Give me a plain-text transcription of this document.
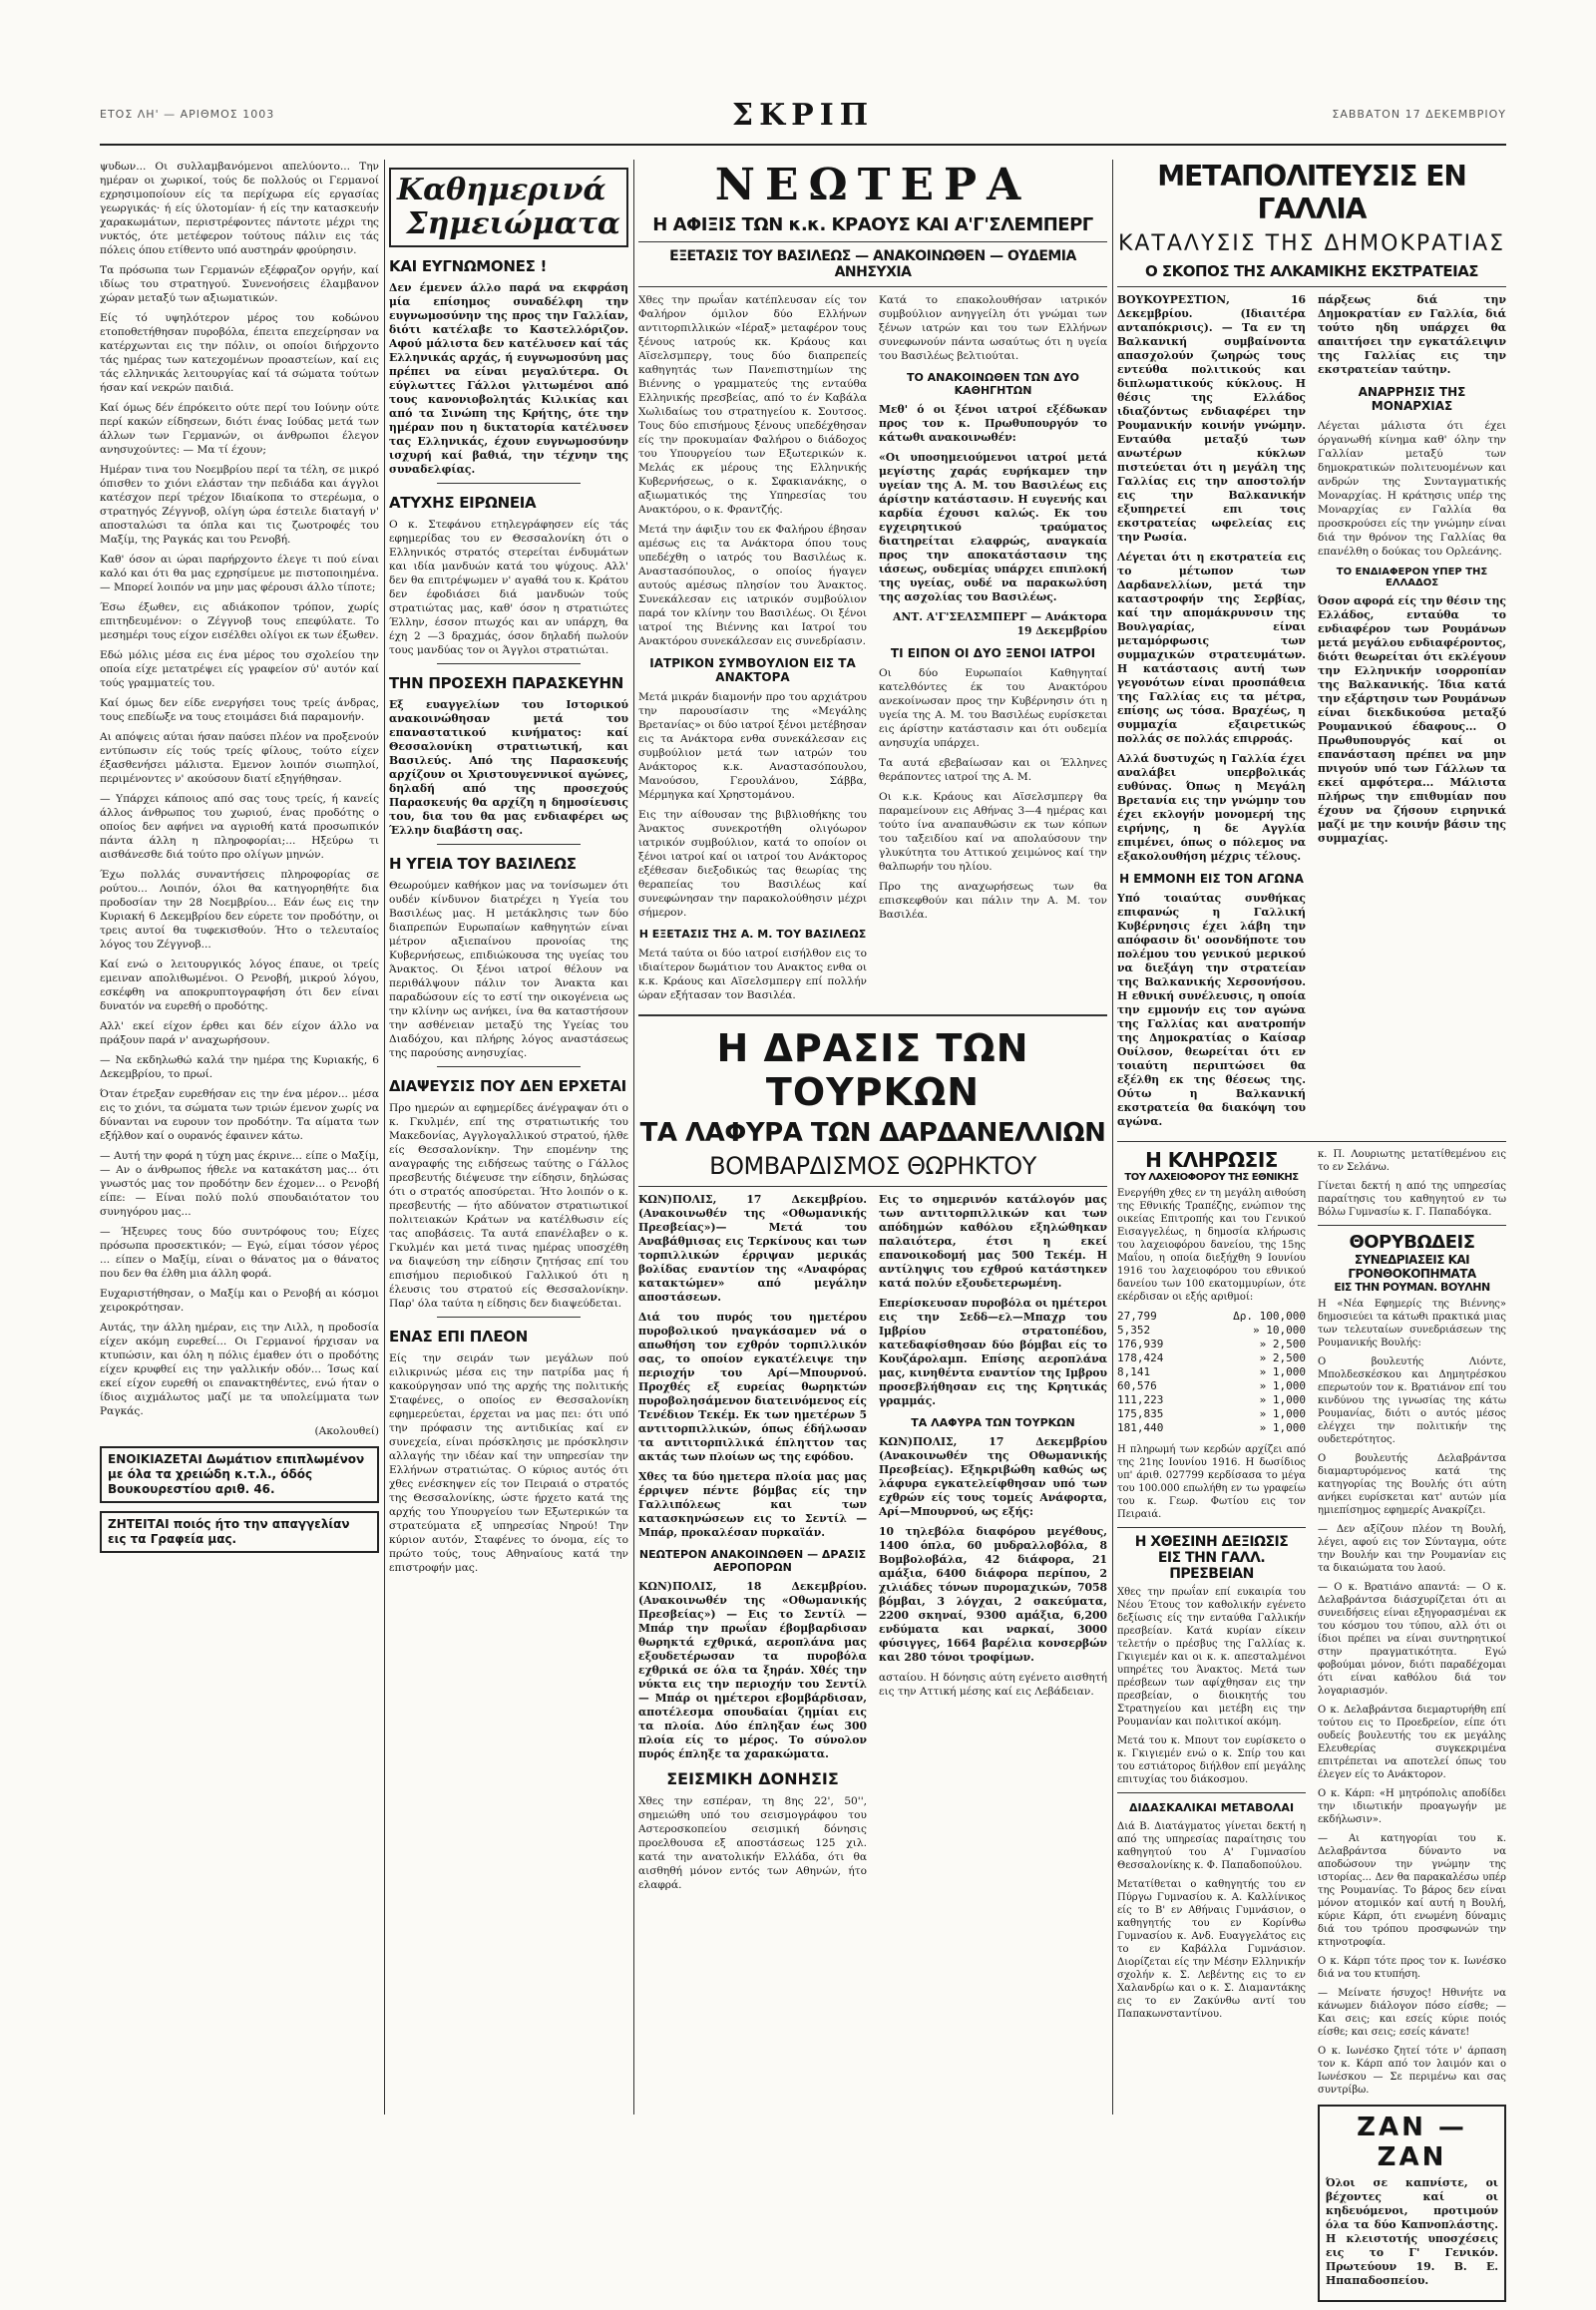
ΕΤΟΣ ΛΗ' — ΑΡΙΘΜΟΣ 1003	ΣΚΡΙΠ	ΣΑΒΒΑΤΟΝ 17 ΔΕΚΕΜΒΡΙΟΥ

ψυδων... Οι συλλαμβανόμενοι απελύοντο... Την ημέραν οι χωρικοί, τούς δε πολλούς οι Γερμανοί εχρησιμοποίουν είς τα περίχωρα είς εργασίας γεωργικάς· ή είς ύλοτομίαν· ή είς την κατασκευήν χαρακωμάτων, περιστρέφοντες πάντοτε μέχρι της νυκτός, ότε μετέφερον τούτους πάλιν εις τάς πόλεις όπου ετίθεντο υπό αυστηράν φρούρησιν.

Τα πρόσωπα των Γερμανών εξέφραζον οργήν, καί ιδίως του στρατηγού. Συνενοήσεις έλαμβανον χώραν μεταξύ των αξιωματικών.

Είς τό υψηλότερον μέρος του κοδώνου ετοποθετήθησαν πυροβόλα, έπειτα επεχείρησαν να κατέρχωνται εις την πόλιν, οι οποίοι διήρχοντο τάς ημέρας των κατεχομένων προαστείων, καί εις τάς ελληνικάς λειτουργίας καί τά σώματα τούτων ήσαν καί νεκρών παιδιά.

Καί όμως δέν έπρόκειτο ούτε περί του Ιούνην ούτε περί κακών είδησεων, διότι ένας Ιούδας μετά των άλλων των Γερμανών, οι άνθρωποι έλεγον ανησυχούντες: — Μα τί έχουν;

Ημέραν τινα του Νοεμβρίου περί τα τέλη, σε μικρό όπισθεν το χιόνι ελάσταν την πεδιάδα και άγγλοι κατέσχον περί τρέχον Ιδιαίκοπα το στερέωμα, ο στρατηγός Ζέγγνοβ, ολίγη ώρα έστειλε διαταγή ν' αποσταλώσι τα όπλα και τις ζωοτροφές του Μαξίμ, της Ραγκάς και του Ρενοβή.

Καθ' όσον αι ώραι παρήρχοντο έλεγε τι πού είναι καλό και ότι θα μας εχρησίμευε με πιστοποιημένα. — Μπορεί λοιπόν να μην μας φέρουσι άλλο τίποτε;

Έσω έξωθεν, εις αδιάκοπον τρόπον, χωρίς επιτηδευμένον: ο Ζέγγνοβ τους επεφύλατε. Το μεσημέρι τους είχον εισέλθει ολίγοι εκ των έξωθεν.

Εδώ μόλις μέσα εις ένα μέρος του σχολείου την οποία είχε μετατρέψει είς γραφείον σύ' αυτόν καί τούς γραμματείς του.

Καί όμως δεν είδε ενεργήσει τους τρείς άνδρας, τους επεδίωξε να τους ετοιμάσει διά παραμονήν.

Αι απόψεις αύται ήσαν παύσει πλέον να προξενούν εντύπωσιν είς τούς τρείς φίλους, τούτο είχεν έξασθενήσει μάλιστα. Εμενον λοιπόν σιωπηλοί, περιμένοντες ν' ακούσουν διατί εξηγήθησαν.

— Υπάρχει κάποιος από σας τους τρείς, ή κανείς άλλος άνθρωπος του χωριού, ένας προδότης ο οποίος δεν αφήνει να αγριοθή κατά προσωπικόν πάντα άλλη η πληροφορίαι;... Ηξεύρω τι αισθάνεσθε διά τούτο προ ολίγων μηνών.

Έχω πολλάς συναντήσεις πληροφορίας σε ρούτου... Λοιπόν, όλοι θα κατηγορηθήτε δια προδοσίαν την 28 Νοεμβρίου... Εάν έως εις την Κυριακή 6 Δεκεμβρίου δεν εύρετε τον προδότην, οι τρεις αυτοί θα τυφεκισθούν. Ήτο ο τελευταίος λόγος του Ζέγγνοβ...

Καί ενώ ο λειτουργικός λόγος έπαυε, οι τρείς εμειναν απολιθωμένοι. Ο Ρενοβή, μικρού λόγου, εσκέφθη να αποκρυπτογραφήση ότι δεν είναι δυνατόν να ευρεθή ο προδότης.

Αλλ' εκεί είχον έρθει και δέν είχον άλλο να πράξουν παρά ν' αναχωρήσουν.

— Να εκδηλωθώ καλά την ημέρα της Κυριακής, 6 Δεκεμβρίου, το πρωί.

Όταν έτρεξαν ευρεθήσαν εις την ένα μέρον... μέσα εις το χιόνι, τα σώματα των τριών έμενον χωρίς να δύνανται να ευρουν τον προδότην. Τα αίματα των εξήλθον καί ο ουρανός έφαινεν κάτω.

— Αυτή την φορά η τύχη μας έκρινε... είπε ο Μαξίμ, — Αν ο άνθρωπος ήθελε να κατακάτση μας... ότι γνωστός μας τον προδότην δεν έχομεν... ο Ρενοβή είπε: — Είναι πολύ πολύ σπουδαιότατον του συνηγόρου μας...

— Ήξευρες τους δύο συντρόφους του; Είχες πρόσωπα προσεκτικόν; — Εγώ, είμαι τόσον γέρος ... είπεν ο Μαξίμ, είναι ο θάνατος μα ο θάνατος που δεν θα έλθη μια άλλη φορά.

Ευχαριστήθησαν, ο Μαξίμ και ο Ρενοβή αι κόσμοι χειροκρότησαν.

Αυτάς, την άλλη ημέραν, εις την Λιλλ, η προδοσία είχεν ακόμη ευρεθεί... Οι Γερμανοί ήρχισαν να κτυπώσιν, και όλη η πόλις έμαθεν ότι ο προδότης είχεν κρυφθεί εις την γαλλικήν οδόν... Ίσως καί εκεί είχον ευρεθή οι επανακτηθέντες, ενώ ήταν ο ίδιος αιχμάλωτος μαζί με τα υπολείμματα των Ραγκάς.

(Ακολουθεί)

ΕΝΟΙΚΙΑΖΕΤΑΙ Δωμάτιον επιπλωμένον με όλα τα χρειώδη κ.τ.λ., όδός Βουκουρεστίου αριθ. 46.
ΖΗΤΕΙΤΑΙ ποιός ήτο την απαγγελίαν εις τα Γραφεία μας.

Καθημερινά

Σημειώματα

ΚΑΙ ΕΥΓΝΩΜΟΝΕΣ !

Δεν έμενεν άλλο παρά να εκφράση μία επίσημος συναδέλφη την ευγνωμοσύνην της προς την Γαλλίαν, διότι κατέλαβε το Καστελλόριζον. Αφού μάλιστα δεν κατέλυσεν καί τάς Ελληνικάς αρχάς, ή ευγνωμοσύνη μας πρέπει να είναι μεγαλύτερα. Οι εύγλωττες Γάλλοι γλιτωμένοι από τους κανονιοβολητάς Κιλικίας και από τα Σινώπη της Κρήτης, ότε την ημέραν που η δικτατορία κατέλυσεν τας Ελληνικάς, έχουν ευγνωμοσύνην ισχυρή καί βαθιά, την τέχνην της συναδελφίας.

ΑΤΥΧΗΣ ΕΙΡΩΝΕΙΑ

Ο κ. Στεφάνου ετηλεγράφησεν είς τάς εφημερίδας του εν Θεσσαλονίκη ότι ο Ελληνικός στρατός στερείται ένδυμάτων και ιδία μανδυών κατά του ψύχους. Αλλ' δεν θα επιτρέψωμεν ν' αγαθά του κ. Κράτου δεν έφοδιάσει διά μανδυών τούς στρατιώτας μας, καθ' όσον η στρατιώτες Έλλην, έσσον πτωχός και αν υπάρχη, θα έχη 2 —3 δραχμάς, όσον δηλαδή πωλούν τους μανδύας τον οι Άγγλοι στρατιώται.

ΤΗΝ ΠΡΟΣΕΧΗ ΠΑΡΑΣΚΕΥΗΝ

Εξ ευαγγελίων του Ιστορικού ανακοινώθησαν μετά του επαναστατικού κινήματος: καί Θεσσαλονίκη στρατιωτική, και Βασιλεύς. Από της Παρασκευής αρχίζουν οι Χριστουγεννικοί αγώνες, δηλαδή από της προσεχούς Παρασκευής θα αρχίζη η δημοσίευσις του, δια του θα μας ενδιαφέρει ως Έλλην διαβάστη σας.

Η ΥΓΕΙΑ ΤΟΥ ΒΑΣΙΛΕΩΣ

Θεωρούμεν καθήκον μας να τονίσωμεν ότι ουδέν κίνδυνον διατρέχει η Υγεία του Βασιλέως μας. Η μετάκλησις των δύο διαπρεπών Ευρωπαίων καθηγητών είναι μέτρον αξιεπαίνου προνοίας της Κυβερνήσεως, επιδιώκουσα της υγείας του Άνακτος. Οι ξένοι ιατροί θέλουν να περιθάλψουν πάλιν τον Άνακτα και παραδώσουν είς το εστί την οικογένεια ως την κλίνην ως ανήκει, ίνα θα καταστήσουν την ασθένειαν μεταξύ της Υγείας του Διαδόχου, και πλήρης λόγος αναστάσεως της παρούσης ανησυχίας.

ΔΙΑΨΕΥΣΙΣ ΠΟΥ ΔΕΝ ΕΡΧΕΤΑΙ

Προ ημερών αι εφημερίδες άνέγραψαν ότι ο κ. Γκυλμέν, επί της στρατιωτικής του Μακεδονίας, Αγγλογαλλικού στρατού, ήλθε είς Θεσσαλονίκην. Την επομένην της αναγραφής της ειδήσεως ταύτης ο Γάλλος πρεσβευτής διέψευσε την είδησιν, δηλώσας ότι ο στρατός αποσύρεται. Ήτο λοιπόν ο κ. πρεσβευτής — ήτο αδύνατον στρατιωτικοί πολιτειακών Κράτων να κατέλθωσιν είς τας αποβάσεις. Τα αυτά επανέλαβεν ο κ. Γκυλμέν και μετά τινας ημέρας υποσχέθη να διαψεύση την είδησιν ζητήσας επί του επισήμου περιοδικού Γαλλικού ότι η έλευσις του στρατού είς Θεσσαλονίκην. Παρ' όλα ταύτα η είδησις δεν διαψεύδεται.

ΕΝΑΣ ΕΠΙ ΠΛΕΟΝ

Είς την σειράν των μεγάλων πού ειλικρινώς μέσα εις την πατρίδα μας ή κακούργησαν υπό της αρχής της πολιτικής Σταφένες, ο οποίος εν Θεσσαλονίκη εφημερεύεται, έρχεται να μας πει: ότι υπό την πρόφασιν της αντιδικίας καί εν συνεχεία, είναι πρόσκλησις με πρόσκλησιν αλλαγής την ιδέαν καί την υπηρεσίαν την Ελλήνων στρατιώτας. Ο κύριος αυτός ότι χθες ενέσκηψεν είς τον Πειραιά ο στρατός της Θεσσαλονίκης, ώστε ήρχετο κατά της αρχής του Υπουργείου των Εξωτερικών τα στρατεύματα εξ υπηρεσίας Νηρού! Την κύριον αυτόν, Σταφένες το όνομα, είς το πρώτο τούς, τους Αθηναίους κατά την επιστροφήν μας.

ΝΕΩΤΕΡΑ

Η ΑΦΙΞΙΣ ΤΩΝ κ.κ. ΚΡΑΟΥΣ ΚΑΙ Α'Γ'ΣΛΕΜΠΕΡΓ
ΕΞΕΤΑΣΙΣ ΤΟΥ ΒΑΣΙΛΕΩΣ — ΑΝΑΚΟΙΝΩΘΕΝ — ΟΥΔΕΜΙΑ ΑΝΗΣΥΧΙΑ

Χθες την πρωΐαν κατέπλευσαν είς τον Φαλήρον όμιλον δύο Ελλήνων αντιτορπιλλικών «Ιέραξ» μεταφέρον τους ξένους ιατρούς κκ. Κράους και Αϊσελσμπεργ, τους δύο διαπρεπείς καθηγητάς των Πανεπιστημίων της Βιέννης ο γραμματεύς της ενταύθα Ελληνικής πρεσβείας, από το έν Καβάλα Χωλιδαίως του στρατηγείου κ. Σουτσος. Τους δύο επισήμους ξένους υπεδέχθησαν είς την προκυμαίαν Φαλήρου ο διάδοχος του Υπουργείου των Εξωτερικών κ. Μελάς εκ μέρους της Ελληνικής Κυβερνήσεως, ο κ. Σφακιανάκης, ο αξιωματικός της Υπηρεσίας του Ανακτόρου, ο κ. Φραντζής.

Μετά την άφιξιν του εκ Φαλήρου έβησαν αμέσως εις τα Ανάκτορα όπου τους υπεδέχθη ο ιατρός του Βασιλέως κ. Αναστασόπουλος, ο οποίος ήγαγεν αυτούς αμέσως πλησίον του Άνακτος. Συνεκάλεσαν εις ιατρικόν συμβούλιον παρά τον κλίνην του Βασιλέως. Οι ξένοι ιατροί της Βιέννης και Ιατροί του Ανακτόρου συνεκάλεσαν εις συνεδρίασιν.

ΙΑΤΡΙΚΟΝ ΣΥΜΒΟΥΛΙΟΝ ΕΙΣ ΤΑ ΑΝΑΚΤΟΡΑ

Μετά μικράν διαμονήν προ του αρχιάτρου την παρουσίασιν της «Μεγάλης Βρετανίας» οι δύο ιατροί ξένοι μετέβησαν εις τα Ανάκτορα ενθα συνεκάλεσαν εις συμβούλιον μετά των ιατρών του Ανάκτορος κ.κ. Αναστασόπουλου, Μανούσου, Γερουλάνου, Σάββα, Μέρμηγκα καί Χρηστομάνου.

Εις την αίθουσαν της βιβλιοθήκης του Άνακτος συνεκροτήθη ολιγόωρον ιατρικόν συμβούλιον, κατά το οποίον οι ξένοι ιατροί καί οι ιατροί του Ανάκτορος εξέθεσαν διεξοδικώς τας θεωρίας της θεραπείας του Βασιλέως καί συνεφώνησαν την παρακολούθησιν μέχρι σήμερον.

Η ΕΞΕΤΑΣΙΣ ΤΗΣ Α. Μ. ΤΟΥ ΒΑΣΙΛΕΩΣ

Μετά ταύτα οι δύο ιατροί εισήλθον εις το ιδιαίτερον δωμάτιον του Ανακτος ενθα οι κ.κ. Κράους και Αϊσελσμπεργ επί πολλήν ώραν εξήτασαν τον Βασιλέα.

Κατά το επακολουθήσαν ιατρικόν συμβούλιον ανηγγείλη ότι γνώμαι των ξένων ιατρών και του των Ελλήνων συνεφωνούν πάντα ωσαύτως ότι η υγεία του Βασιλέως βελτιούται.

ΤΟ ΑΝΑΚΟΙΝΩΘΕΝ ΤΩΝ ΔΥΟ ΚΑΘΗΓΗΤΩΝ

Μεθ' ό οι ξένοι ιατροί εξέδωκαν προς τον κ. Πρωθυπουργόν το κάτωθι ανακοινωθέν:

«Οι υποσημειούμενοι ιατροί μετά μεγίστης χαράς ευρήκαμεν την υγείαν της Α. Μ. του Βασιλέως εις άρίστην κατάστασιν. Η ευγενής και καρδία έχουσι καλώς. Εκ του εγχειρητικού τραύματος διατηρείται ελαφρώς, αναγκαία προς την αποκατάστασιν της ιάσεως, ουδεμίας υπάρχει επιπλοκή της υγείας, ουδέ να παρακωλύση της ασχολίας του Βασιλέως.

ΑΝΤ. Α'Γ'ΣΕΛΣΜΠΕΡΓ — Ανάκτορα 19 Δεκεμβρίου

ΤΙ ΕΙΠΟΝ ΟΙ ΔΥΟ ΞΕΝΟΙ ΙΑΤΡΟΙ

Οι δύο Ευρωπαίοι Καθηγηταί κατελθόντες έκ του Ανακτόρου ανεκοίνωσαν προς την Κυβέρνησιν ότι η υγεία της Α. Μ. του Βασιλέως ευρίσκεται εις άρίστην κατάστασιν και ότι ουδεμία ανησυχία υπάρχει.

Τα αυτά εβεβαίωσαν και οι Έλληνες θεράποντες ιατροί της Α. Μ.

Οι κ.κ. Κράους και Αϊσελσμπεργ θα παραμείνουν εις Αθήνας 3—4 ημέρας και τούτο ίνα αναπαυθώσιν εκ των κόπων του ταξειδίου καί να απολαύσουν την γλυκύτητα του Αττικού χειμώνος καί την θαλπωρήν του ηλίου.

Προ της αναχωρήσεως των θα επισκεφθούν και πάλιν την Α. Μ. τον Βασιλέα.

Η ΔΡΑΣΙΣ ΤΩΝ ΤΟΥΡΚΩΝ

ΤΑ ΛΑΦΥΡΑ ΤΩΝ ΔΑΡΔΑΝΕΛΛΙΩΝ

ΒΟΜΒΑΡΔΙΣΜΟΣ ΘΩΡΗΚΤΟΥ

ΚΩΝ)ΠΟΛΙΣ, 17 Δεκεμβρίου. (Ανακοινωθέν της «Οθωμανικής Πρεσβείας»)— Μετά του Αναβάθμισας εις Τερκίνους και των τορπιλλικών έρριψαν μερικάς βολίδας εναντίον της «Αναφόρας κατακτώμεν» από μεγάλην αποστάσεων.

Διά του πυρός του ημετέρου πυροβολικού ηναγκάσαμεν νά ο απωθήση τον εχθρόν τορπιλλικόν σας, το οποίον εγκατέλειψε την περιοχήν του Αρί—Μπουρνού. Προχθές εξ ευρείας θωρηκτών πυροβολησάμενον διατεινόμενος είς Τενέδιον Τεκέμ. Εκ των ημετέρων 5 αντιτορπιλλικών, όπως έδήλωσαν τα αντιτορπιλλικά έπληττον τας ακτάς των πλοίων ως της εφόδου.

Χθες τα δύο ημετερα πλοία μας μας έρριψεν πέντε βόμβας είς την Γαλλιπόλεως και των κατασκηνώσεων εις το Σεντίλ — Μπάρ, προκαλέσαν πυρκαϊάν.

ΝΕΩΤΕΡΟΝ ΑΝΑΚΟΙΝΩΘΕΝ — ΔΡΑΣΙΣ ΑΕΡΟΠΟΡΩΝ

ΚΩΝ)ΠΟΛΙΣ, 18 Δεκεμβρίου. (Ανακοινωθέν της «Οθωμανικής Πρεσβείας») — Εις το Σεντίλ — Μπάρ την πρωΐαν έβομβαρδισαν θωρηκτά εχθρικά, αεροπλάνα μας εξουδετέρωσαν τα πυροβόλα εχθρικά σε όλα τα ξηράν. Χθές την νύκτα εις την περιοχήν του Σεντίλ — Μπάρ οι ημέτεροι εβομβάρδισαν, αποτέλεσμα σπουδαίαι ζημίαι εις τα πλοία. Δύο έπληξαν έως 300 πλοία είς το μέρος. Το σύνολον πυρός έπληξε τα χαρακώματα.

ΣΕΙΣΜΙΚΗ ΔΟΝΗΣΙΣ

Χθες την εσπέραν, τη 8ης 22', 50'', σημειώθη υπό του σεισμογράφου του Αστεροσκοπείου σεισμική δόνησις προελθουσα εξ αποστάσεως 125 χιλ. κατά την ανατολικήν Ελλάδα, ότι θα αισθηθή μόνον εντός των Αθηνών, ήτο ελαφρά.

Εις το σημερινόν κατάλογόν μας των αντιτορπιλλικών και των απόδημών καθόλου εξηλώθηκαν παλαιότερα, έτσι η εκεί επανοικοδομή μας 500 Τεκέμ. Η αντίληψις του εχθρού κατάστηκεν κατά πολύν εξουδετερωμένη.

Επερίσκευσαν πυροβόλα οι ημέτεροι εις την Σεδδ—ελ—Μπαχρ του Ιμβρίου στρατοπέδου, κατεδαφίσθησαν δύο βόμβαι είς το Κουζάρολαμπ. Επίσης αεροπλάνα μας, κινηθέντα εναντίον της Ιμβρου προσεβλήθησαν εις της Κρητικάς γραμμάς.

ΤΑ ΛΑΦΥΡΑ ΤΩΝ ΤΟΥΡΚΩΝ

ΚΩΝ)ΠΟΛΙΣ, 17 Δεκεμβρίου (Ανακοινωθέν της Οθωμανικής Πρεσβείας). Εξηκριβώθη καθώς ως λάφυρα εγκατελείφθησαν υπό των εχθρών είς τους τομείς Ανάφορτα, Αρί—Μπουρνού, ως εξής:

10 τηλεβόλα διαφόρου μεγέθους, 1400 όπλα, 60 μυδραλλοβόλα, 8 Βομβολοβάλα, 42 διάφορα, 21 αμάξια, 6400 διάφορα περίπου, 2 χιλιάδες τόνων πυρομαχικών, 7058 βόμβαι, 3 λόγχαι, 2 σακεύματα, 2200 σκηναί, 9300 αμάξια, 6,200 ενδύματα και ναρκαί, 3000 φύσιγγες, 1664 βαρέλια κονσερβών και 280 τόνοι τροφίμων.

ασταίου. Η δόνησις αύτη εγένετο αισθητή εις την Αττική μέσης καί εις Λεβάδειαν.

ΜΕΤΑΠΟΛΙΤΕΥΣΙΣ ΕΝ ΓΑΛΛΙΑ

ΚΑΤΑΛΥΣΙΣ ΤΗΣ ΔΗΜΟΚΡΑΤΙΑΣ

Ο ΣΚΟΠΟΣ ΤΗΣ ΑΛΚΑΜΙΚΗΣ ΕΚΣΤΡΑΤΕΙΑΣ

ΒΟΥΚΟΥΡΕΣΤΙΟΝ, 16 Δεκεμβρίου. (Ιδιαιτέρα ανταπόκρισις). — Τα εν τη Βαλκανική συμβαίνοντα απασχολούν ζωηρώς τους εντεύθα πολιτικούς και διπλωματικούς κύκλους. Η θέσις της Ελλάδος ιδιαζόντως ενδιαφέρει την Ρουμανικήν κοινήν γνώμην. Ενταύθα μεταξύ των ανωτέρων κύκλων πιστεύεται ότι η μεγάλη της Γαλλίας εις την αποστολήν εις την Βαλκανικήν εξυπηρετεί επι τοις εκστρατείας ωφελείας εις την Ρωσία.

Λέγεται ότι η εκστρατεία εις το μέτωπον των Δαρδανελλίων, μετά την καταστροφήν της Σερβίας, καί την απομάκρυνσιν της Βουλγαρίας, είναι μεταμόρφωσις των συμμαχικών στρατευμάτων. Η κατάστασις αυτή των γεγονότων είναι προσπάθεια της Γαλλίας εις τα μέτρα, επίσης ως τόσα. Βραχέως, η συμμαχία εξαιρετικώς πολλάς σε πολλάς επιρροάς.

Αλλά δυστυχώς η Γαλλία έχει αναλάβει υπερβολικάς ευθύνας. Όπως η Μεγάλη Βρετανία εις την γνώμην του έχει εκλογήν μονομερή της ειρήνης, η δε Αγγλία επιμένει, όπως ο πόλεμος να εξακολουθήση μέχρις τέλους.

Η ΕΜΜΟΝΗ ΕΙΣ ΤΟΝ ΑΓΩΝΑ

Υπό τοιαύτας συνθήκας επιφανώς η Γαλλική Κυβέρνησις έχει λάβη την απόφασιν δι' οσονδήποτε του πολέμου του γενικού μερικού να διεξάγη την στρατείαν της Βαλκανικής Χερσονήσου. Η εθνική συνέλευσις, η οποία την εμμονήν εις τον αγώνα της Γαλλίας και ανατροπήν της Δημοκρατίας ο Καίσαρ Ουίλσον, θεωρείται ότι εν τοιαύτη περιπτώσει θα εξέλθη εκ της θέσεως της. Ούτω η Βαλκανική εκστρατεία θα διακόψη του αγώνα.

πάρξεως διά την Δημοκρατίαν εν Γαλλία, διά τούτο ηδη υπάρχει θα απαιτήσει την εγκατάλειψιν της Γαλλίας εις την εκστρατείαν ταύτην.

ΑΝΑΡΡΗΣΙΣ ΤΗΣ ΜΟΝΑΡΧΙΑΣ

Λέγεται μάλιστα ότι έχει όργανωθή κίνημα καθ' όλην την Γαλλίαν μεταξύ των δημοκρατικών πολιτευομένων και ανδρών της Συνταγματικής Μοναρχίας. Η κράτησις υπέρ της Μοναρχίας εν Γαλλία θα προσκρούσει είς την γνώμην είναι διά την θρόνον της Γαλλίας θα επανέλθη ο δούκας του Ορλεάνης.

ΤΟ ΕΝΔΙΑΦΕΡΟΝ ΥΠΕΡ ΤΗΣ ΕΛΛΑΔΟΣ

Όσον αφορά είς την θέσιν της Ελλάδος, ενταύθα το ενδιαφέρον των Ρουμάνων μετά μεγάλου ενδιαφέροντος, διότι θεωρείται ότι εκλέγουν την Ελληνικήν ισορροπίαν της Βαλκανικής. Ίδια κατά την εξάρτησιν των Ρουμάνων είναι διεκδικούσα μεταξύ Ρουμανικού έδαφους... Ο Πρωθυπουργός καί οι επανάσταση πρέπει να μην πνιγούν υπό των Γάλλων τα εκεί αμφότερα... Μάλιστα πλήρως την επιθυμίαν που έχουν να ζήσουν ειρηνικά μαζί με την κοινήν βάσιν της συμμαχίας.

Η ΚΛΗΡΩΣΙΣ
ΤΟΥ ΛΑΧΕΙΟΦΟΡΟΥ ΤΗΣ ΕΘΝΙΚΗΣ

Ενεργήθη χθες εν τη μεγάλη αιθούση της Εθνικής Τραπέζης, ενώπιον της οικείας Επιτροπής και του Γενικού Εισαγγελέως, η δημοσία κλήρωσις του λαχειοφόρου δανείου, της 15ης Μαΐου, η οποία διεξήχθη 9 Ιουνίου 1916 του λαχειοφόρου του εθνικού δανείου των 100 εκατομμυρίων, ότε εκέρδισαν οι εξής αριθμοί:

27,799	Δρ. 100,000
5,352	» 10,000
176,939	» 2,500
178,424	» 2,500
8,141	» 1,000
60,576	» 1,000
111,223	» 1,000
175,835	» 1,000
181,440	» 1,000

Η πληρωμή των κερδών αρχίζει από της 21ης Ιουνίου 1916. Η δωσίδιος υπ' άριθ. 027799 κερδίσασα το μέγα του 100.000 επωλήθη εν τω γραφείω του κ. Γεωρ. Φωτίου εις τον Πειραιά.

Η ΧΘΕΣΙΝΗ ΔΕΞΙΩΣΙΣ
ΕΙΣ ΤΗΝ ΓΑΛΛ. ΠΡΕΣΒΕΙΑΝ

Χθες την πρωΐαν επί ευκαιρία του Νέου Έτους τον καθολικήν εγένετο δεξίωσις είς την ενταύθα Γαλλικήν πρεσβείαν. Κατά κυρίαν είκειν τελετήν ο πρέσβυς της Γαλλίας κ. Γκιγιεμέν και οι κ. κ. απεσταλμένοι υπηρέτες του Άνακτος. Μετά των πρέσβεων των αφίχθησαν εις την πρεσβείαν, ο διοικητής του Στρατηγείου και μετέβη εις την Ρουμανίαν και πολιτικοί ακόμη.

Μετά του κ. Μπουτ τον ευρίσκετο ο κ. Γκιγιεμέν ενώ ο κ. Σπίρ του και του εστιάτορος διήλθον επί μεγάλης επιτυχίας του διάκοσμου.

ΔΙΔΑΣΚΑΛΙΚΑΙ ΜΕΤΑΒΟΛΑΙ

Διά Β. Διατάγματος γίνεται δεκτή η από της υπηρεσίας παραίτησις του καθηγητού του Α' Γυμνασίου Θεσσαλονίκης κ. Φ. Παπαδοπούλου.

Μετατίθεται ο καθηγητής του εν Πύργω Γυμνασίου κ. Α. Καλλίνικος είς το Β' εν Αθήναις Γυμνάσιον, ο καθηγητής του εν Κορίνθω Γυμνασίου κ. Ανδ. Ευαγγελάτος εις το εν Καβάλλα Γυμνάσιον. Διορίζεται είς την Μέσην Ελληνικήν σχολήν κ. Σ. Λεβέντης εις το εν Χαλανδρίω και ο κ. Σ. Διαμαντάκης εις το εν Ζακύνθω αντί του Παπακωνσταντίνου.

κ. Π. Λουριωτης μετατίθεμένου εις το εν Σελάνω.

Γίνεται δεκτή η από της υπηρεσίας παραίτησις του καθηγητού εν τω Βόλω Γυμνασίω κ. Γ. Παπαδόγκα.

ΘΟΡΥΒΩΔΕΙΣ
ΣΥΝΕΔΡΙΑΣΕΙΣ ΚΑΙ ΓΡΟΝΘΟΚΟΠΗΜΑΤΑ
ΕΙΣ ΤΗΝ ΡΟΥΜΑΝ. ΒΟΥΛΗΝ

Η «Νέα Εφημερίς της Βιέννης» δημοσιεύει τα κάτωθι πρακτικά μιας των τελευταίων συνεδριάσεων της Ρουμανικής Βουλής:

Ο βουλευτής Λιόντε, Μπολδεσκέσκου και Δημητρέσκου επερωτούν τον κ. Βρατιάνον επί του κινδύνου της ιγνωσίας της κάτω Ρουμανίας, διότι ο αυτός μέσος ελέγχει την πολιτικήν της ουδετερότητος.

Ο βουλευτής Δελαβράντσα διαμαρτυρόμενος κατά της κατηγορίας της Βουλής ότι αύτη ανήκει ευρίσκεται κατ' αυτών μία ημιεπίσημος εφημερίς Ανακρίζει.

— Δεν αξίζουν πλέον τη Βουλή, λέγει, αφού εις τον Σύνταγμα, ούτε την Βουλήν και την Ρουμανίαν εις τα δικαιώματα του λαού.

— Ο κ. Βρατιάνο απαντά: — Ο κ. Δελαβράντσα διάσχυρίζεται ότι αι συνειδήσεις είναι εξηγορασμέναι εκ του κόσμου του τύπου, αλλ ότι οι ίδιοι πρέπει να είναι συντηρητικοί στην πραγματικότητα. Εγώ φοβούμαι μόνον, διότι παραδέχομαι ότι είναι καθόλου διά τον λογαριασμόν.

Ο κ. Δελαβράντσα διεμαρτυρήθη επί τούτου εις το Προεδρείον, είπε ότι ουδείς βουλευτής του εκ μεγάλης Ελευθερίας συγκεκριμένα επιτρέπεται να αποτελεί όπως του έλεγεν είς το Ανάκτορον.

Ο κ. Κάρπ: «Η μητρόπολις αποδίδει την ιδιωτικήν προαγωγήν με εκδήλωσιν».

— Αι κατηγορίαι του κ. Δελαβράντσα δύναντο να αποδώσουν την γνώμην της ιστορίας... Δεν θα παρακαλέσω υπέρ της Ρουμανίας. Το βάρος δεν είναι μόνον ατομικόν καί αυτή η Βουλή, κύριε Κάρπ, ότι ενωμένη δύναμις διά του τρόπου προσφωνών την κτηνοτροφία.

Ο κ. Κάρπ τότε προς τον κ. Ιωνέσκο διά να του κτυπήση.

— Μείνατε ήσυχος! Ηθινήτε να κάνωμεν διάλογον πόσο είσθε; — Και σεις; και εσείς κύριε ποιός είσθε; και σεις; εσείς κάνατε!

Ο κ. Ιωνέσκο ζητεί τότε ν' άρπαση τον κ. Κάρπ από τον λαιμόν και ο Ιωνέσκου — Σε περιμένω και σας συντρίβω.

ΖΑΝ — ΖΑΝ

Όλοι σε καπνίστε, οι βέχοντες καί οι κηδευόμενοι, προτιμούν όλα τα δύο Καπνοπλάστης. Η κλειστοτής υποσχέσεις εις το Γ' Γενικόν. Πρωτεύουν 19. Β. Ε. Ηπαπαδοσπείου.
